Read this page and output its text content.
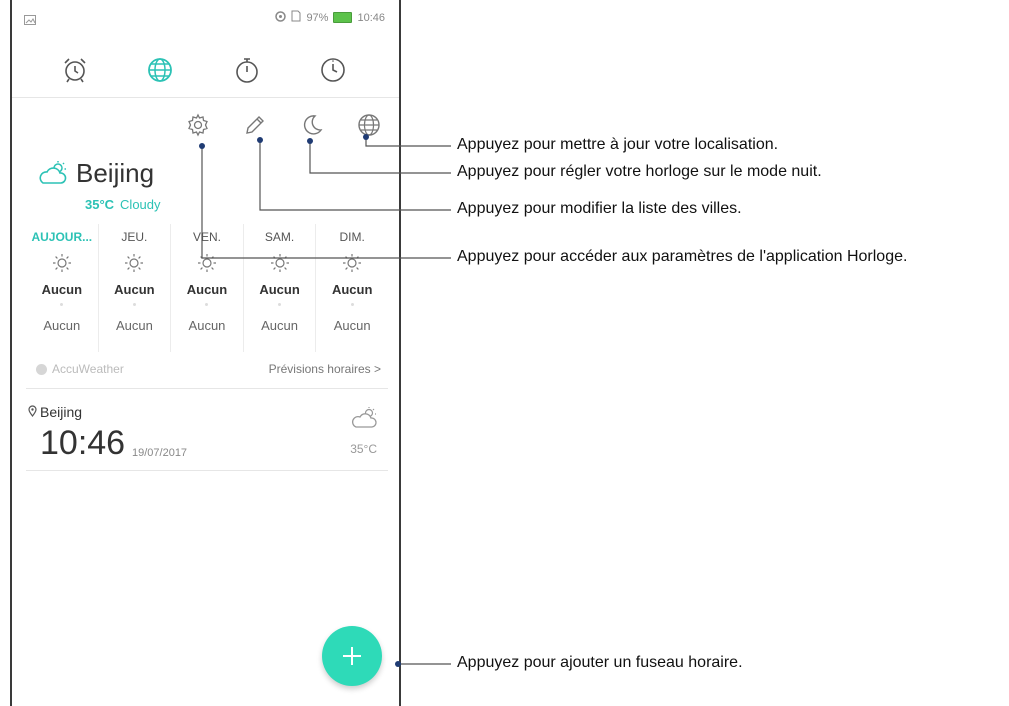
97%	10:46
Beijing
35°C Cloudy
AUJOUR...
Aucun
Aucun
JEU.
Aucun
Aucun
VEN.
Aucun
Aucun
SAM.
Aucun
Aucun
DIM.
Aucun
Aucun
AccuWeather	Prévisions horaires >
Beijing
10:46 19/07/2017	35°C
Appuyez pour mettre à jour votre localisation.
Appuyez pour régler votre horloge sur le mode nuit.
Appuyez pour modifier la liste des villes.
Appuyez pour accéder aux paramètres de l'application Horloge.
Appuyez pour ajouter un fuseau horaire.
